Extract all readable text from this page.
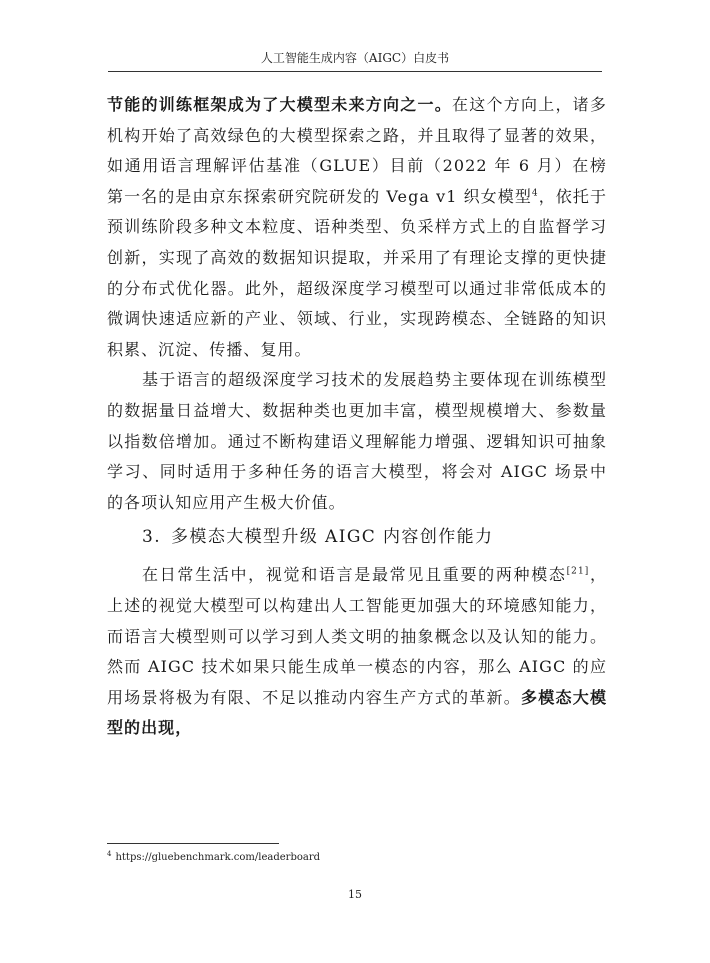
人工智能生成内容（AIGC）白皮书

节能的训练框架成为了大模型未来方向之一。在这个方向上，诸多机构开始了高效绿色的大模型探索之路，并且取得了显著的效果，如通用语言理解评估基准（GLUE）目前（2022 年 6 月）在榜第一名的是由京东探索研究院研发的 Vega v1 织女模型$^4$，依托于预训练阶段多种文本粒度、语种类型、负采样方式上的自监督学习创新，实现了高效的数据知识提取，并采用了有理论支撑的更快捷的分布式优化器。此外，超级深度学习模型可以通过非常低成本的微调快速适应新的产业、领域、行业，实现跨模态、全链路的知识积累、沉淀、传播、复用。

基于语言的超级深度学习技术的发展趋势主要体现在训练模型的数据量日益增大、数据种类也更加丰富，模型规模增大、参数量以指数倍增加。通过不断构建语义理解能力增强、逻辑知识可抽象学习、同时适用于多种任务的语言大模型，将会对 AIGC 场景中的各项认知应用产生极大价值。

3. 多模态大模型升级 AIGC 内容创作能力

在日常生活中，视觉和语言是最常见且重要的两种模态[21]，上述的视觉大模型可以构建出人工智能更加强大的环境感知能力，而语言大模型则可以学习到人类文明的抽象概念以及认知的能力。然而 AIGC 技术如果只能生成单一模态的内容，那么 AIGC 的应用场景将极为有限、不足以推动内容生产方式的革新。多模态大模型的出现，

$^4$ https://gluebenchmark.com/leaderboard
15
